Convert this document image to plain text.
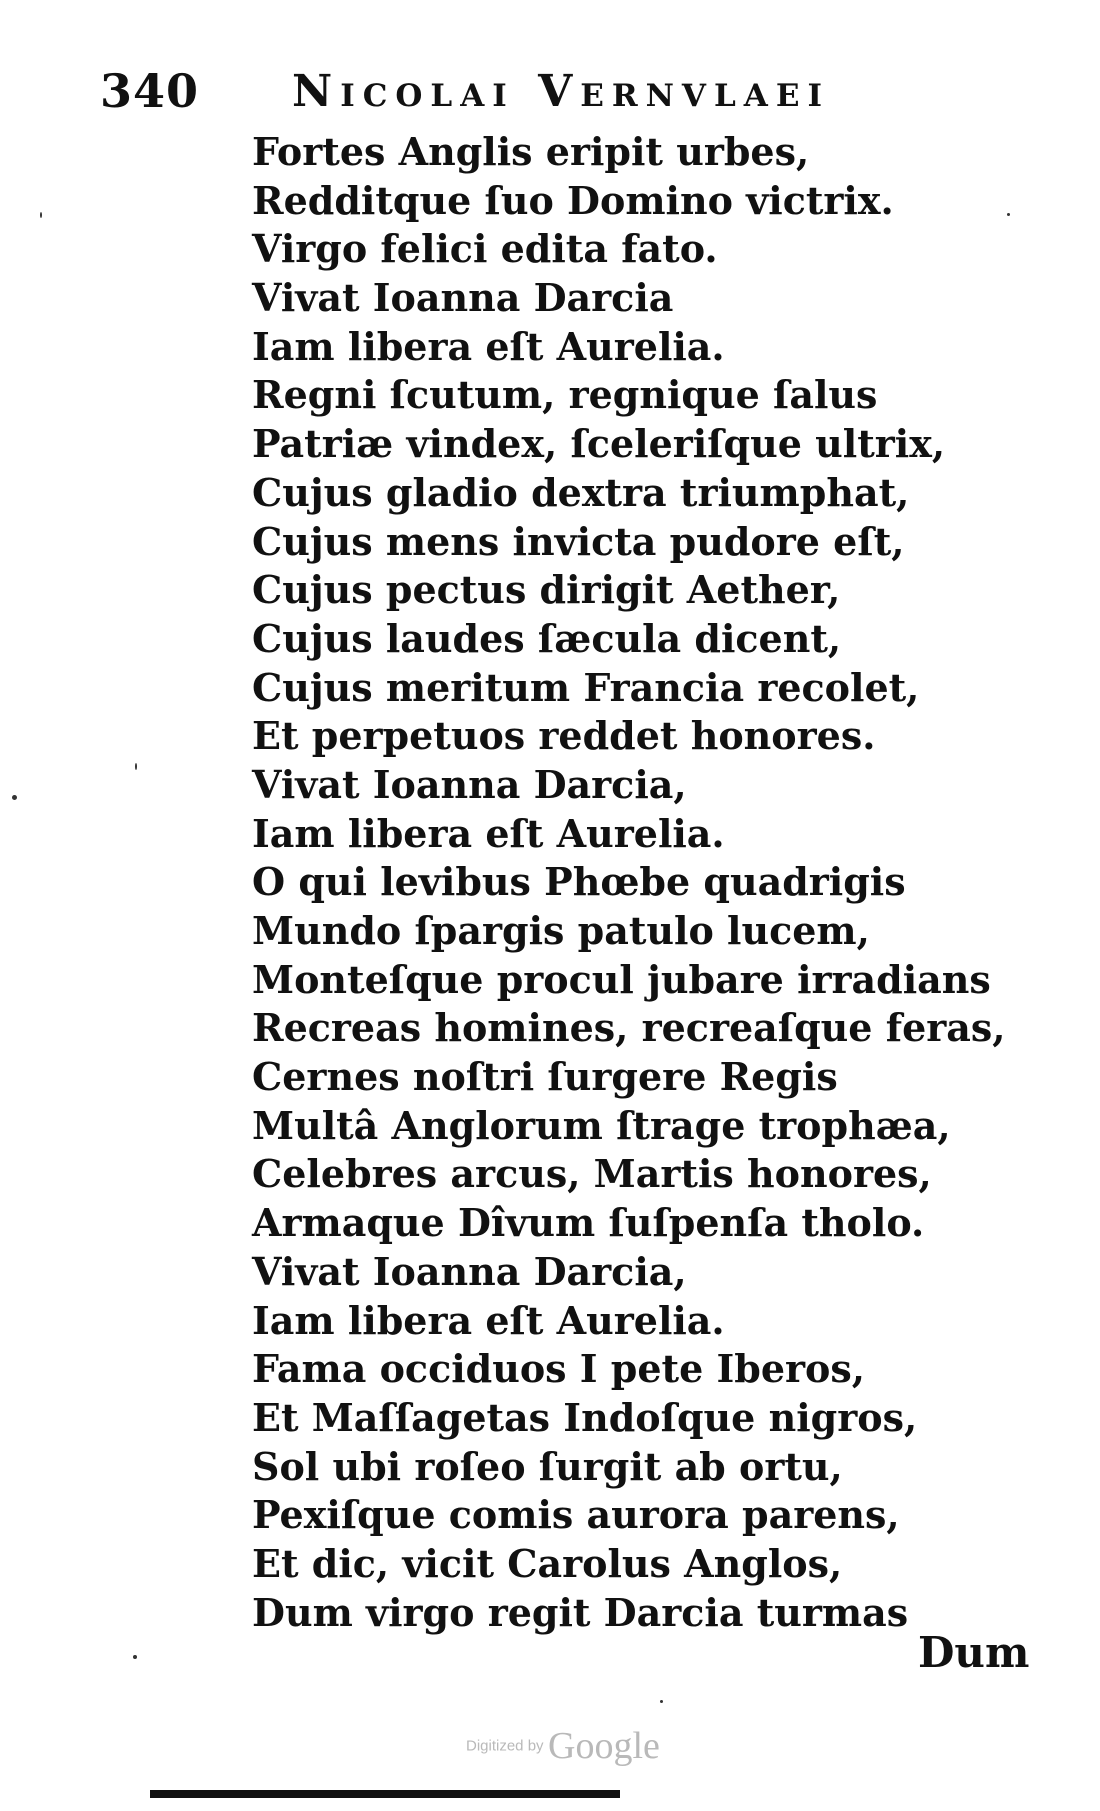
340 Nicolai Vernvlaei
Fortes Anglis eripit urbes,
Redditque ſuo Domino victrix.
Virgo felici edita fato.
Vivat Ioanna Darcia
Iam libera eſt Aurelia.
Regni ſcutum, regnique ſalus
Patriæ vindex, ſceleriſque ultrix,
Cujus gladio dextra triumphat,
Cujus mens invicta pudore eſt,
Cujus pectus dirigit Aether,
Cujus laudes ſæcula dicent,
Cujus meritum Francia recolet,
Et perpetuos reddet honores.
Vivat Ioanna Darcia,
Iam libera eſt Aurelia.
O qui levibus Phœbe quadrigis
Mundo ſpargis patulo lucem,
Monteſque procul jubare irradians
Recreas homines, recreaſque feras,
Cernes noſtri ſurgere Regis
Multâ Anglorum ſtrage trophæa,
Celebres arcus, Martis honores,
Armaque Dîvum ſuſpenſa tholo.
Vivat Ioanna Darcia,
Iam libera eſt Aurelia.
Fama occiduos I pete Iberos,
Et Maſſagetas Indoſque nigros,
Sol ubi roſeo ſurgit ab ortu,
Pexiſque comis aurora parens,
Et dic, vicit Carolus Anglos,
Dum virgo regit Darcia turmas
Dum
Digitized by Google
